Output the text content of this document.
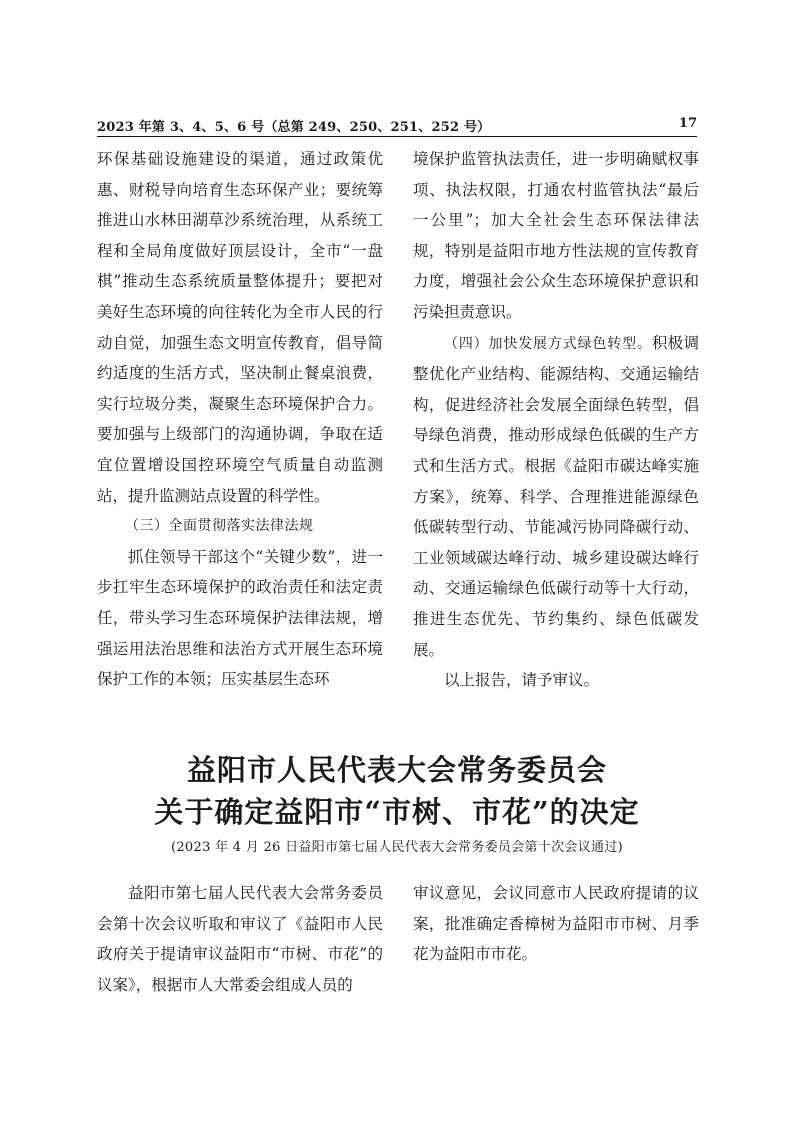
2023 年第 3、4、5、6 号（总第 249、250、251、252 号）	17

环保基础设施建设的渠道，通过政策优惠、财税导向培育生态环保产业；要统筹推进山水林田湖草沙系统治理，从系统工程和全局角度做好顶层设计，全市“一盘棋”推动生态系统质量整体提升；要把对美好生态环境的向往转化为全市人民的行动自觉，加强生态文明宣传教育，倡导简约适度的生活方式，坚决制止餐桌浪费，实行垃圾分类，凝聚生态环境保护合力。要加强与上级部门的沟通协调，争取在适宜位置增设国控环境空气质量自动监测站，提升监测站点设置的科学性。

（三）全面贯彻落实法律法规

抓住领导干部这个“关键少数”，进一步扛牢生态环境保护的政治责任和法定责任，带头学习生态环境保护法律法规，增强运用法治思维和法治方式开展生态环境保护工作的本领；压实基层生态环

境保护监管执法责任，进一步明确赋权事项、执法权限，打通农村监管执法“最后一公里”；加大全社会生态环保法律法规，特别是益阳市地方性法规的宣传教育力度，增强社会公众生态环境保护意识和污染担责意识。

（四）加快发展方式绿色转型。积极调整优化产业结构、能源结构、交通运输结构，促进经济社会发展全面绿色转型，倡导绿色消费，推动形成绿色低碳的生产方式和生活方式。根据《益阳市碳达峰实施方案》，统筹、科学、合理推进能源绿色低碳转型行动、节能减污协同降碳行动、工业领域碳达峰行动、城乡建设碳达峰行动、交通运输绿色低碳行动等十大行动，推进生态优先、节约集约、绿色低碳发展。

以上报告，请予审议。

益阳市人民代表大会常务委员会
关于确定益阳市“市树、市花”的决定
(2023 年 4 月 26 日益阳市第七届人民代表大会常务委员会第十次会议通过)

益阳市第七届人民代表大会常务委员会第十次会议听取和审议了《益阳市人民政府关于提请审议益阳市“市树、市花”的议案》，根据市人大常委会组成人员的

审议意见，会议同意市人民政府提请的议案，批准确定香樟树为益阳市市树、月季花为益阳市市花。
